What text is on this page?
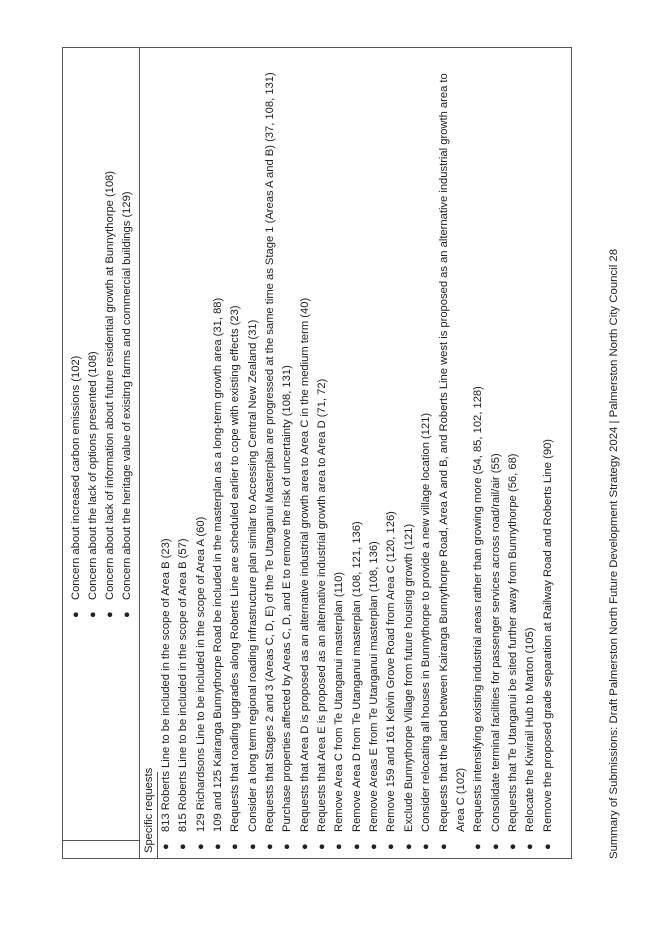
●
Concern about increased carbon emissions (102)
●
Concern about the lack of options presented (108)
●
Concern about lack of information about future residential growth at Bunnythorpe (108)
●
Concern about the heritage value of exisitng farms and commercial buildings (129)
Specific requests ●
813 Roberts Line to be included in the scope of Area B (23)
●
815 Roberts Line to be included in the scope of Area B (57)
●
129 Richardsons Line to be included in the scope of Area A (60)
●
109 and 125 Kairanga Bunnythorpe Road be included in the masterplan as a long-term growth area (31, 88)
●
Requests that roading upgrades along Roberts Line are scheduled earlier to cope with existing effects (23)
●
Consider a long term regional roading infrastructure plan similar to Accessing Central New Zealand (31)
●
Requests that Stages 2 and 3 (Areas C, D, E) of the Te Utanganui Masterplan are progressed at the same time as Stage 1 (Areas A and B) (37, 108, 131)
●
Purchase properties affected by Areas C, D, and E to remove the risk of uncertainty (108, 131)
●
Requests that Area D is proposed as an alternative industrial growth area to Area C in the medium term (40)
●
Requests that Area E is proposed as an alternative industrial growth area to Area D (71, 72)
●
Remove Area C from Te Utanganui masterplan (110)
●
Remove Area D from Te Utanganui masterplan (108, 121, 136)
●
Remove Areas E from Te Utanganui masterplan (108, 136)
●
Remove 159 and 161 Kelvin Grove Road from Area C (120, 126)
●
Exclude Bunnythorpe Village from future housing growth (121)
●
Consider relocating all houses in Bunnythorpe to provide a new village location (121)
●
Requests that the land between Kairanga Bunnythorpe Road, Area A and B, and Roberts Line west is proposed as an alternative industrial growth area to Area C (102)
●
Requests intensifying existing industrial areas rather than growing more (54, 85, 102, 128)
●
Consolidate terminal facilities for passenger services across road/rail/air (55)
●
Requests that Te Utanganui be sited further away from Bunnythorpe (56, 68)
●
Relocate the Kiwirail Hub to Marton (105)
●
Remove the proposed grade separation at Railway Road and Roberts Line (90)	Summary of Submissions: Draft Palmerston North Future Development Strategy 2024 | Palmerston North City Council 28
